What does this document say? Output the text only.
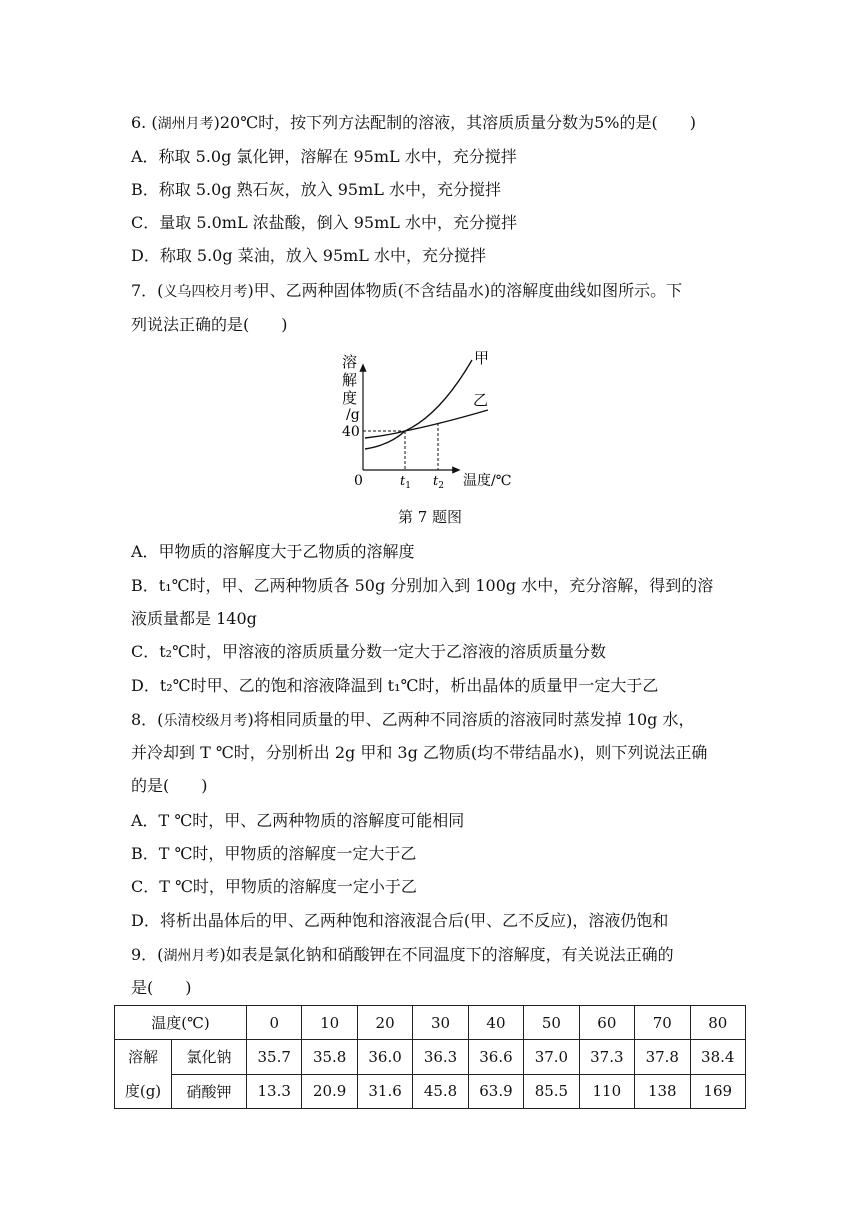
6. (湖州月考)20℃时，按下列方法配制的溶液，其溶质质量分数为5%的是(　　)
A．称取 5.0g 氯化钾，溶解在 95mL 水中，充分搅拌
B．称取 5.0g 熟石灰，放入 95mL 水中，充分搅拌
C．量取 5.0mL 浓盐酸，倒入 95mL 水中，充分搅拌
D．称取 5.0g 菜油，放入 95mL 水中，充分搅拌
7．(义乌四校月考)甲、乙两种固体物质(不含结晶水)的溶解度曲线如图所示。下
列说法正确的是(　　)
溶
解
度
/g
40
0
甲
乙
$t_1$ $t_2$ 温度/℃
第 7 题图
A．甲物质的溶解度大于乙物质的溶解度
B．t₁℃时，甲、乙两种物质各 50g 分别加入到 100g 水中，充分溶解，得到的溶
液质量都是 140g
C．t₂℃时，甲溶液的溶质质量分数一定大于乙溶液的溶质质量分数
D．t₂℃时甲、乙的饱和溶液降温到 t₁℃时，析出晶体的质量甲一定大于乙
8．(乐清校级月考)将相同质量的甲、乙两种不同溶质的溶液同时蒸发掉 10g 水，
并冷却到 T ℃时，分别析出 2g 甲和 3g 乙物质(均不带结晶水)，则下列说法正确
的是(　　)
A．T ℃时，甲、乙两种物质的溶解度可能相同
B．T ℃时，甲物质的溶解度一定大于乙
C．T ℃时，甲物质的溶解度一定小于乙
D．将析出晶体后的甲、乙两种饱和溶液混合后(甲、乙不反应)，溶液仍饱和
9．(湖州月考)如表是氯化钠和硝酸钾在不同温度下的溶解度，有关说法正确的
是(　　)
温度(℃)		0	10	20	30	40	50	60	70	80
溶解
度(g)	氯化钠	35.7	35.8	36.0	36.3	36.6	37.0	37.3	37.8	38.4
	硝酸钾	13.3	20.9	31.6	45.8	63.9	85.5	110	138	169
